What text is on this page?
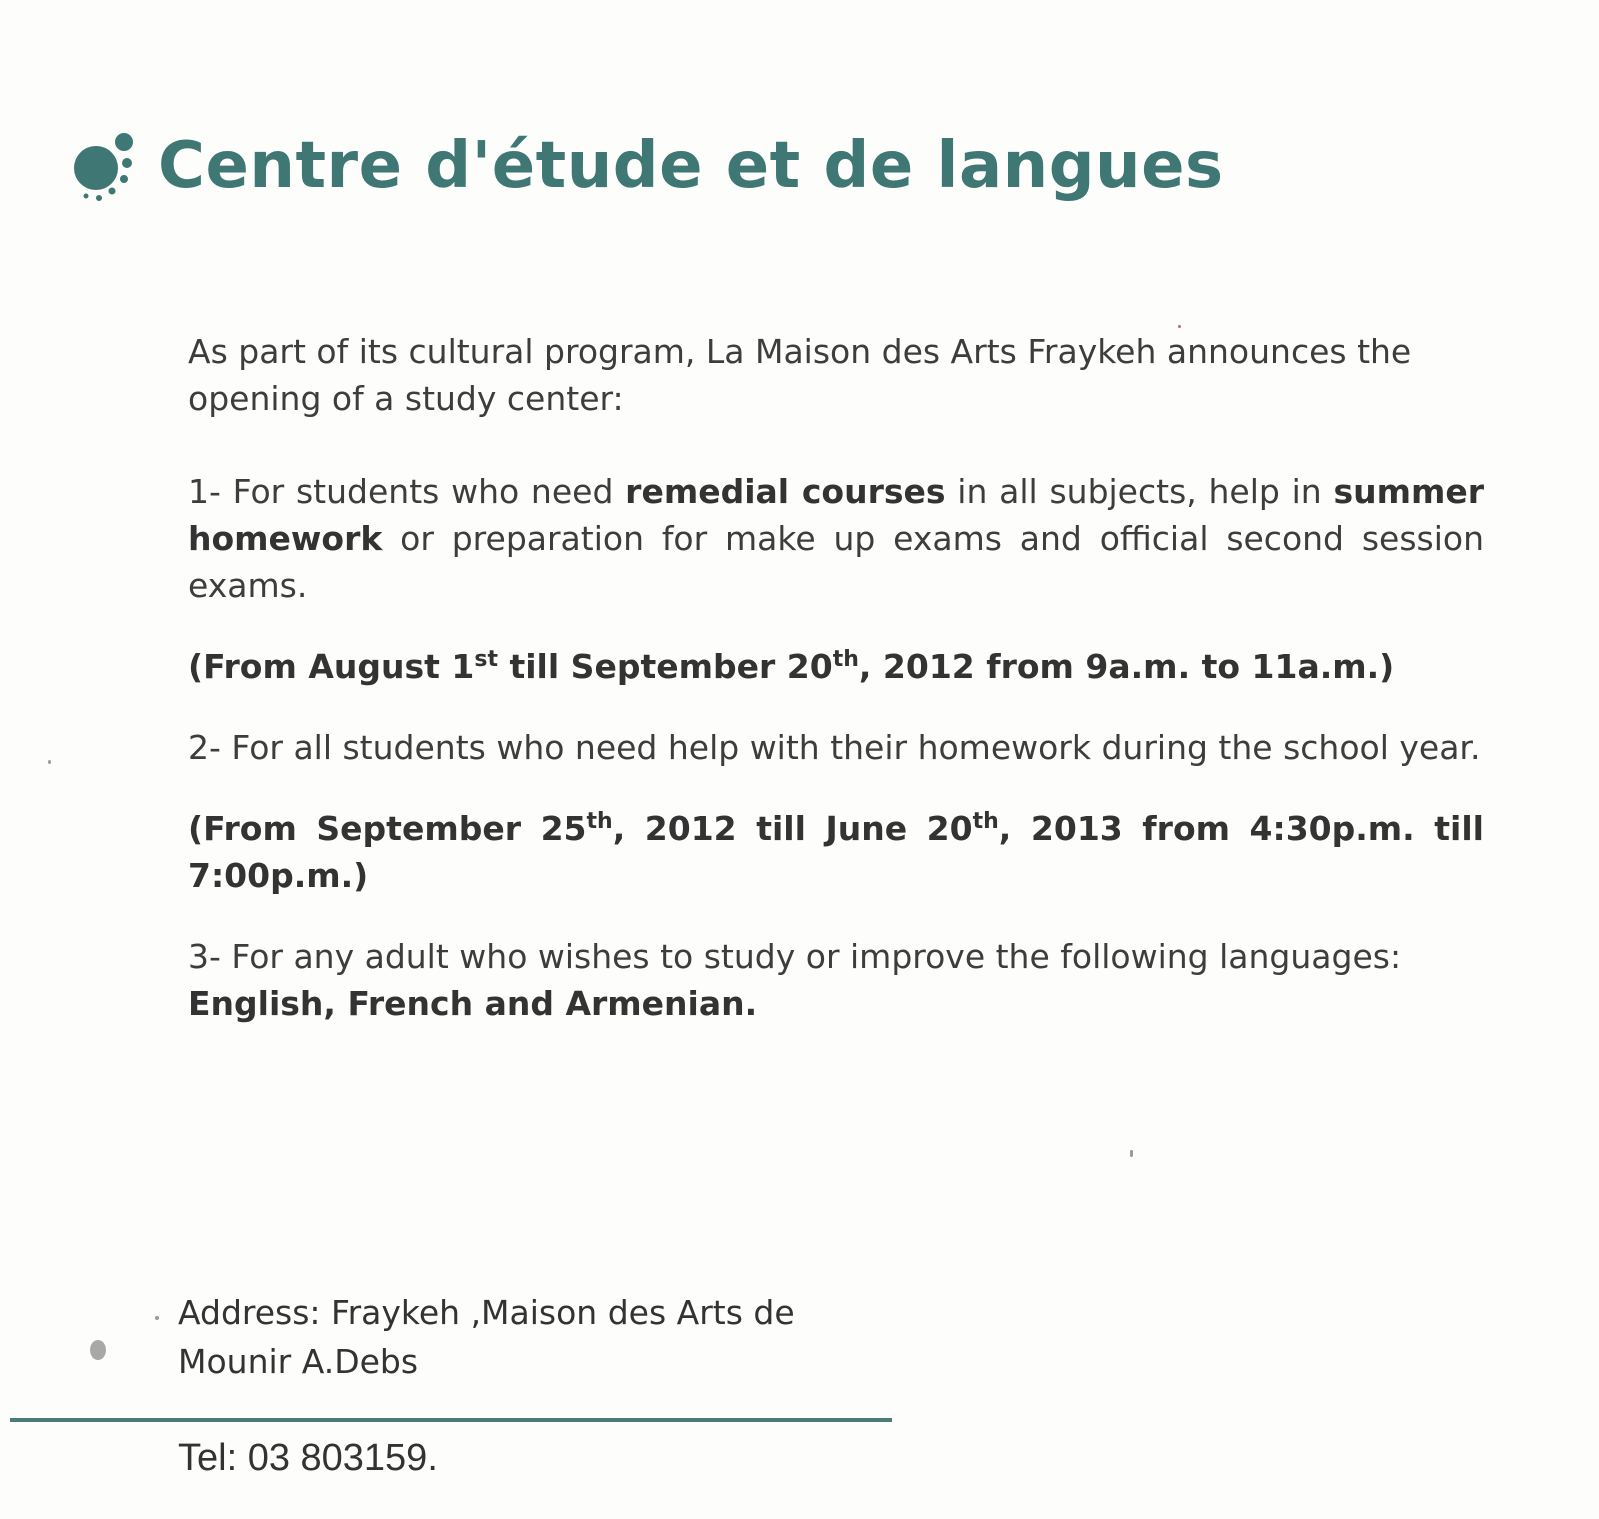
Centre d'étude et de langues

As part of its cultural program, La Maison des Arts Fraykeh announces the opening of a study center:

1- For students who need remedial courses in all subjects, help in summer homework or preparation for make up exams and official second session exams.

(From August 1st till September 20th, 2012 from 9a.m. to 11a.m.)

2- For all students who need help with their homework during the school year.

(From September 25th, 2012 till June 20th, 2013 from 4:30p.m. till 7:00p.m.)

3- For any adult who wishes to study or improve the following languages:
English, French and Armenian.

Address: Fraykeh ,Maison des Arts de

Mounir A.Debs

Tel: 03 803159.
